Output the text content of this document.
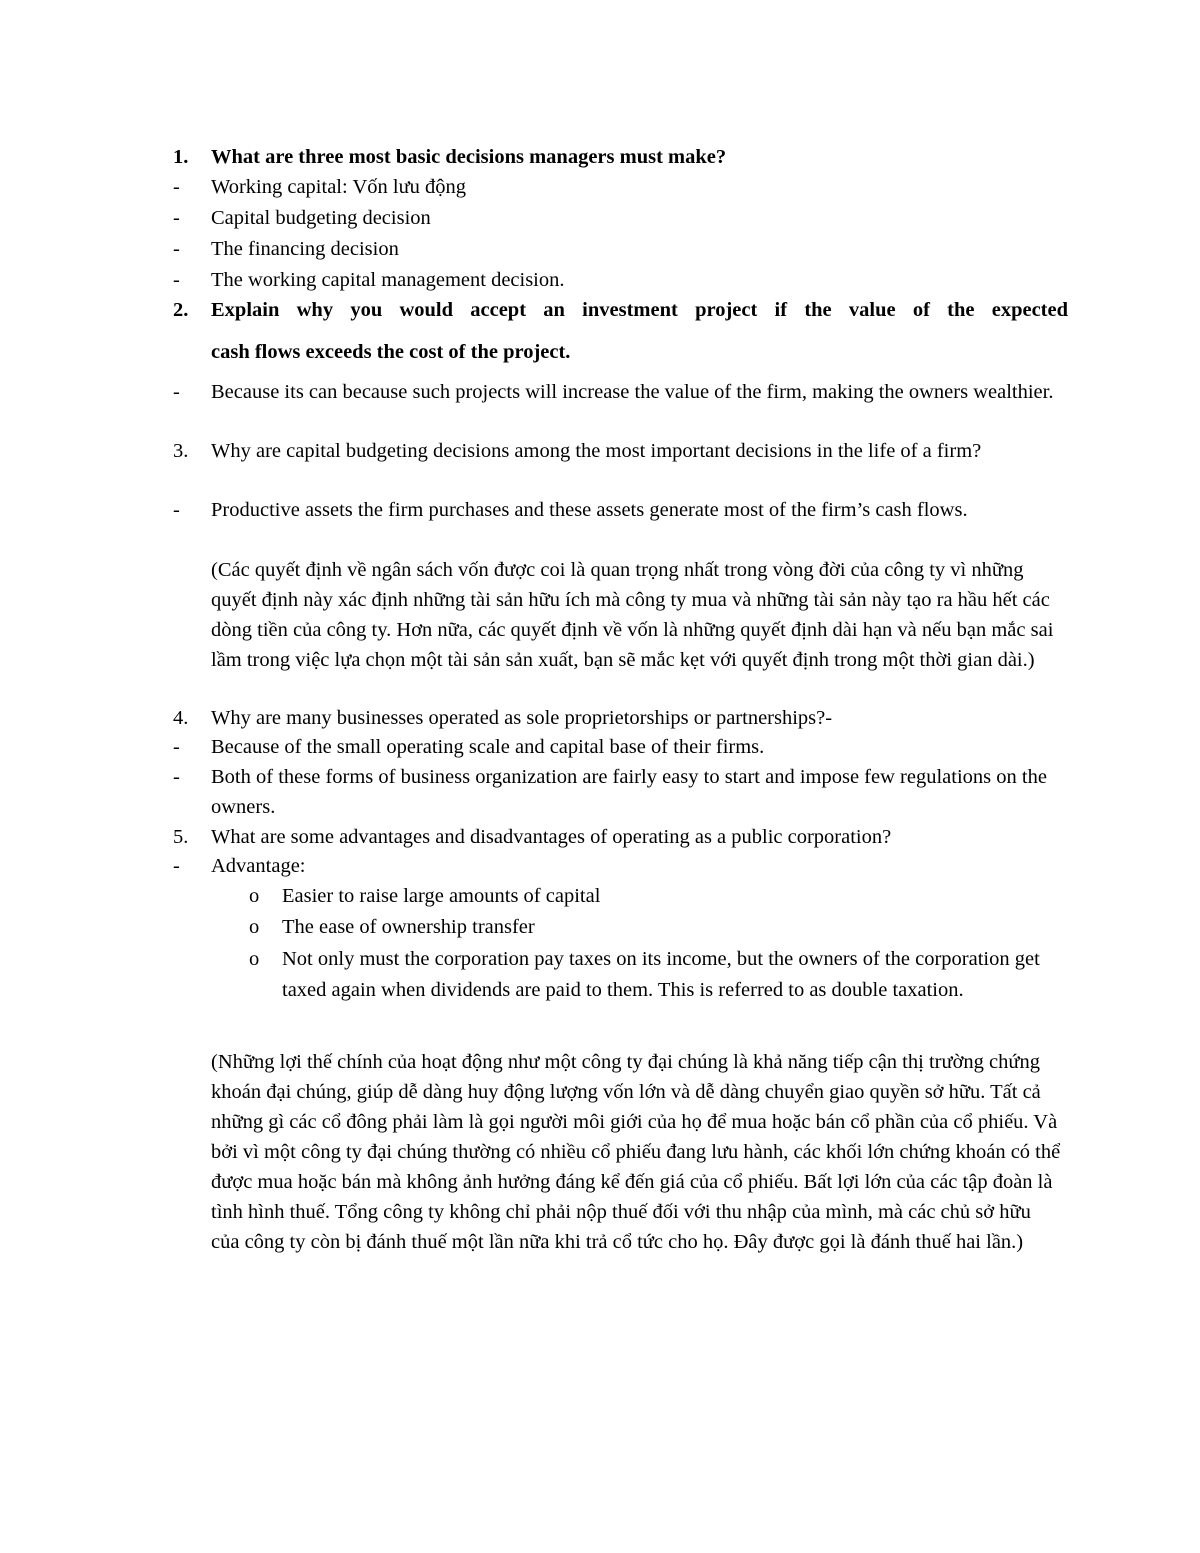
1. What are three most basic decisions managers must make?
- Working capital: Vốn lưu động
- Capital budgeting decision
- The financing decision
- The working capital management decision.
2. Explain why you would accept an investment project if the value of the expected
cash flows exceeds the cost of the project.
- Because its can because such projects will increase the value of the firm, making the owners wealthier.
3. Why are capital budgeting decisions among the most important decisions in the life of a firm?
- Productive assets the firm purchases and these assets generate most of the firm’s cash flows.
(Các quyết định về ngân sách vốn được coi là quan trọng nhất trong vòng đời của công ty vì những quyết định này xác định những tài sản hữu ích mà công ty mua và những tài sản này tạo ra hầu hết các dòng tiền của công ty. Hơn nữa, các quyết định về vốn là những quyết định dài hạn và nếu bạn mắc sai lầm trong việc lựa chọn một tài sản sản xuất, bạn sẽ mắc kẹt với quyết định trong một thời gian dài.)
4. Why are many businesses operated as sole proprietorships or partnerships?-
- Because of the small operating scale and capital base of their firms.
- Both of these forms of business organization are fairly easy to start and impose few regulations on the owners.
5. What are some advantages and disadvantages of operating as a public corporation?
- Advantage:
o Easier to raise large amounts of capital
o The ease of ownership transfer
o Not only must the corporation pay taxes on its income, but the owners of the corporation get taxed again when dividends are paid to them. This is referred to as double taxation.
(Những lợi thế chính của hoạt động như một công ty đại chúng là khả năng tiếp cận thị trường chứng khoán đại chúng, giúp dễ dàng huy động lượng vốn lớn và dễ dàng chuyển giao quyền sở hữu. Tất cả những gì các cổ đông phải làm là gọi người môi giới của họ để mua hoặc bán cổ phần của cổ phiếu. Và bởi vì một công ty đại chúng thường có nhiều cổ phiếu đang lưu hành, các khối lớn chứng khoán có thể được mua hoặc bán mà không ảnh hưởng đáng kể đến giá của cổ phiếu. Bất lợi lớn của các tập đoàn là tình hình thuế. Tổng công ty không chỉ phải nộp thuế đối với thu nhập của mình, mà các chủ sở hữu của công ty còn bị đánh thuế một lần nữa khi trả cổ tức cho họ. Đây được gọi là đánh thuế hai lần.)
